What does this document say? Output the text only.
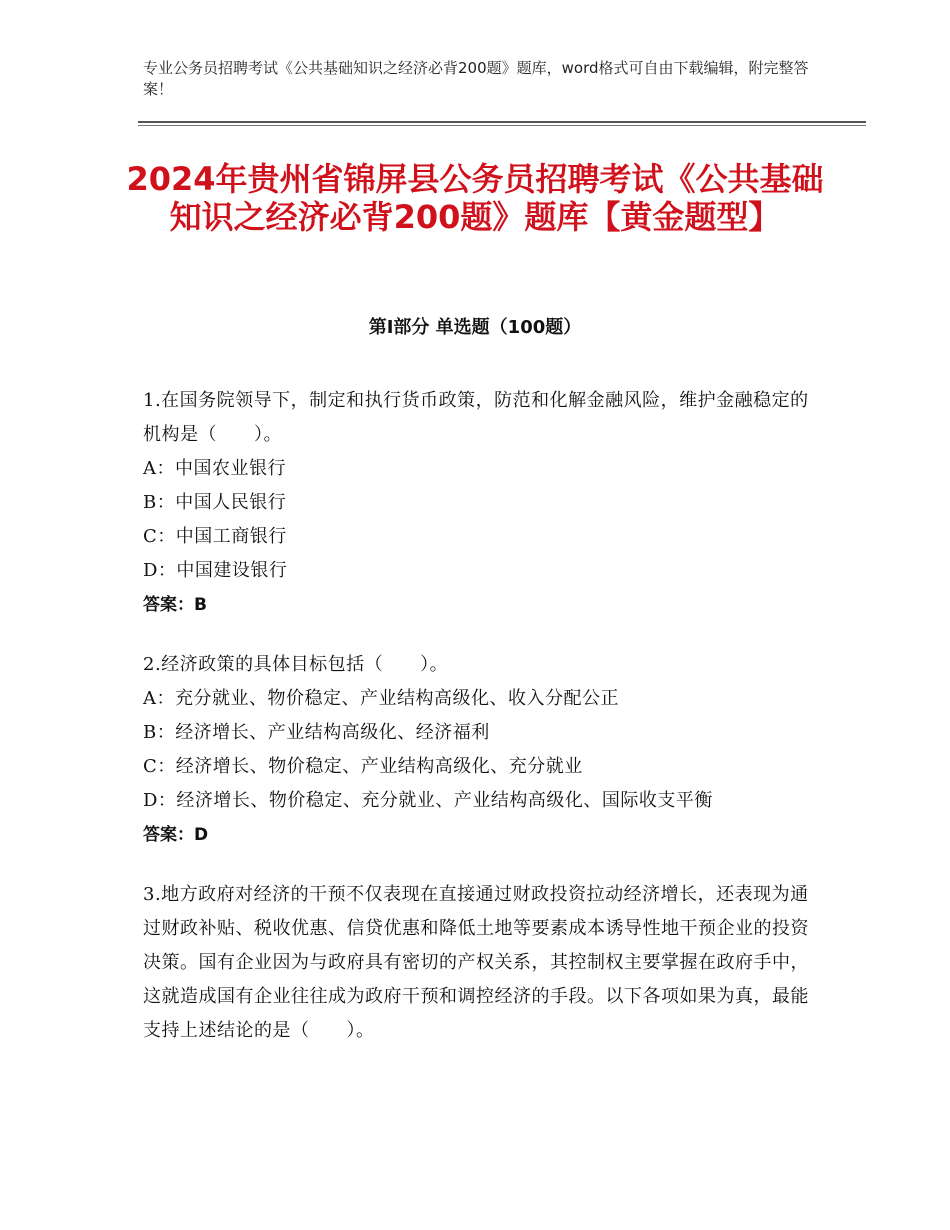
专业公务员招聘考试《公共基础知识之经济必背200题》题库，word格式可自由下载编辑，附完整答案！
2024年贵州省锦屏县公务员招聘考试《公共基础知识之经济必背200题》题库【黄金题型】
第Ⅰ部分 单选题（100题）

1.在国务院领导下，制定和执行货币政策，防范和化解金融风险，维护金融稳定的机构是（　　）。

A：中国农业银行

B：中国人民银行

C：中国工商银行

D：中国建设银行

答案：B

2.经济政策的具体目标包括（　　）。

A：充分就业、物价稳定、产业结构高级化、收入分配公正

B：经济增长、产业结构高级化、经济福利

C：经济增长、物价稳定、产业结构高级化、充分就业

D：经济增长、物价稳定、充分就业、产业结构高级化、国际收支平衡

答案：D

3.地方政府对经济的干预不仅表现在直接通过财政投资拉动经济增长，还表现为通过财政补贴、税收优惠、信贷优惠和降低土地等要素成本诱导性地干预企业的投资决策。国有企业因为与政府具有密切的产权关系，其控制权主要掌握在政府手中，这就造成国有企业往往成为政府干预和调控经济的手段。以下各项如果为真，最能支持上述结论的是（　　）。
